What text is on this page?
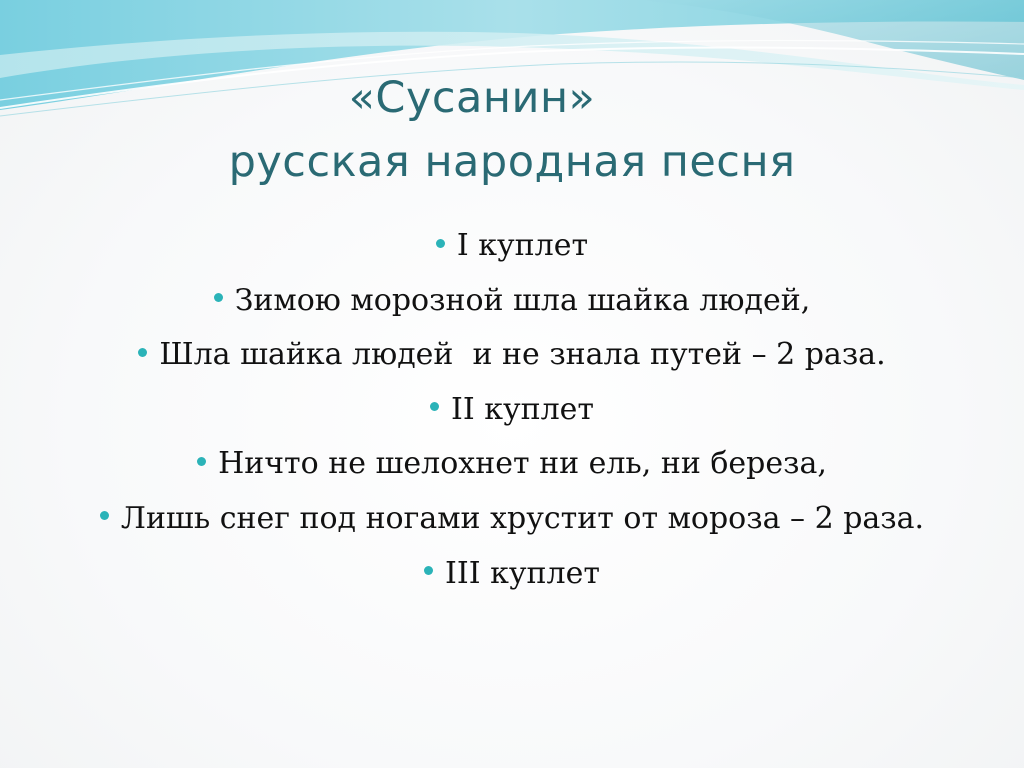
«Сусанин»
русская народная песня
I куплет
Зимою морозной шла шайка людей,
Шла шайка людей  и не знала путей – 2 раза.
II куплет
Ничто не шелохнет ни ель, ни береза,
Лишь снег под ногами хрустит от мороза – 2 раза.
III куплет
